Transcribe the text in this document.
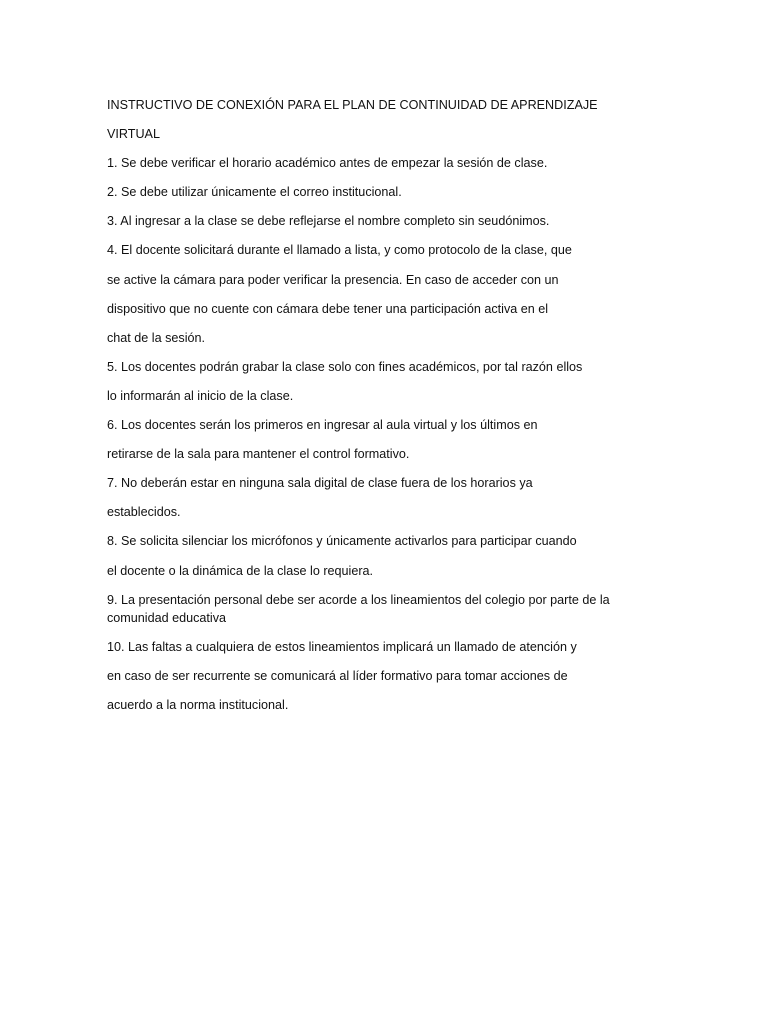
INSTRUCTIVO DE CONEXIÓN PARA EL PLAN DE CONTINUIDAD DE APRENDIZAJE

VIRTUAL

1. Se debe verificar el horario académico antes de empezar la sesión de clase.

2. Se debe utilizar únicamente el correo institucional.

3. Al ingresar a la clase se debe reflejarse el nombre completo sin seudónimos.

4. El docente solicitará durante el llamado a lista, y como protocolo de la clase, que

se active la cámara para poder verificar la presencia. En caso de acceder con un

dispositivo que no cuente con cámara debe tener una participación activa en el

chat de la sesión.

5. Los docentes podrán grabar la clase solo con fines académicos, por tal razón ellos

lo informarán al inicio de la clase.

6. Los docentes serán los primeros en ingresar al aula virtual y los últimos en

retirarse de la sala para mantener el control formativo.

7. No deberán estar en ninguna sala digital de clase fuera de los horarios ya

establecidos.

8. Se solicita silenciar los micrófonos y únicamente activarlos para participar cuando

el docente o la dinámica de la clase lo requiera.

9. La presentación personal debe ser acorde a los lineamientos del colegio por parte de la

comunidad educativa

10. Las faltas a cualquiera de estos lineamientos implicará un llamado de atención y

en caso de ser recurrente se comunicará al líder formativo para tomar acciones de

acuerdo a la norma institucional.
